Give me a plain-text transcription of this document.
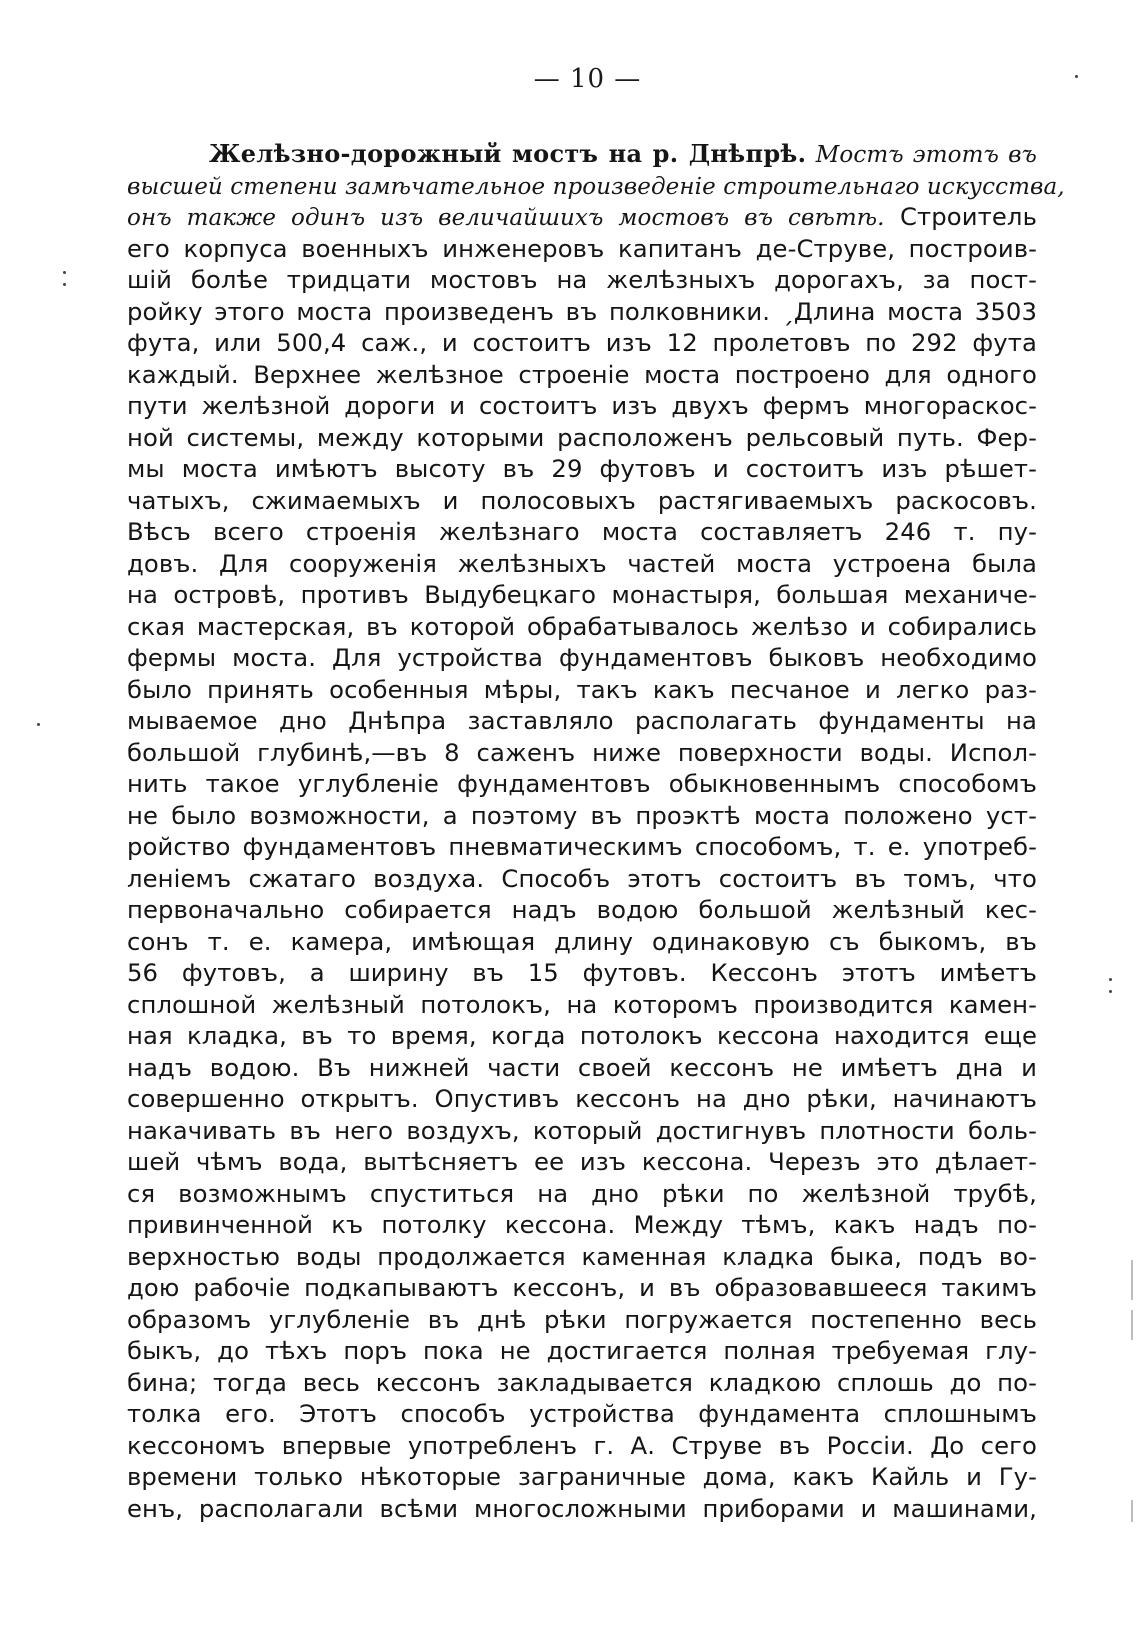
— 10 —
Желѣзно-дорожный мостъ на р. Днѣпрѣ. Мостъ этотъ въ
высшей степени замѣчательное произведеніе строительнаго искусства,
онъ также одинъ изъ величайшихъ мостовъ въ свѣтѣ. Строитель
его корпуса военныхъ инженеровъ капитанъ де-Струве, построив-
шій болѣе тридцати мостовъ на желѣзныхъ дорогахъ, за пост-
ройку этого моста произведенъ въ полковники. ˏДлина моста 3503
фута, или 500,4 саж., и состоитъ изъ 12 пролетовъ по 292 фута
каждый. Верхнее желѣзное строеніе моста построено для одного
пути желѣзной дороги и состоитъ изъ двухъ фермъ многораскос-
ной системы, между которыми расположенъ рельсовый путь. Фер-
мы моста имѣютъ высоту въ 29 футовъ и состоитъ изъ рѣшет-
чатыхъ, сжимаемыхъ и полосовыхъ растягиваемыхъ раскосовъ.
Вѣсъ всего строенія желѣзнаго моста составляетъ 246 т. пу-
довъ. Для сооруженія желѣзныхъ частей моста устроена была
на островѣ, противъ Выдубецкаго монастыря, большая механиче-
ская мастерская, въ которой обрабатывалось желѣзо и собирались
фермы моста. Для устройства фундаментовъ быковъ необходимо
было принять особенныя мѣры, такъ какъ песчаное и легко раз-
мываемое дно Днѣпра заставляло располагать фундаменты на
большой глубинѣ,—въ 8 саженъ ниже поверхности воды. Испол-
нить такое углубленіе фундаментовъ обыкновеннымъ способомъ
не было возможности, а поэтому въ проэктѣ моста положено уст-
ройство фундаментовъ пневматическимъ способомъ, т. е. употреб-
леніемъ сжатаго воздуха. Способъ этотъ состоитъ въ томъ, что
первоначально собирается надъ водою большой желѣзный кес-
сонъ т. е. камера, имѣющая длину одинаковую съ быкомъ, въ
56 футовъ, а ширину въ 15 футовъ. Кессонъ этотъ имѣетъ
сплошной желѣзный потолокъ, на которомъ производится камен-
ная кладка, въ то время, когда потолокъ кессона находится еще
надъ водою. Въ нижней части своей кессонъ не имѣетъ дна и
совершенно открытъ. Опустивъ кессонъ на дно рѣки, начинаютъ
накачивать въ него воздухъ, который достигнувъ плотности боль-
шей чѣмъ вода, вытѣсняетъ ее изъ кессона. Черезъ это дѣлает-
ся возможнымъ спуститься на дно рѣки по желѣзной трубѣ,
привинченной къ потолку кессона. Между тѣмъ, какъ надъ по-
верхностью воды продолжается каменная кладка быка, подъ во-
дою рабочіе подкапываютъ кессонъ, и въ образовавшееся такимъ
образомъ углубленіе въ днѣ рѣки погружается постепенно весь
быкъ, до тѣхъ поръ пока не достигается полная требуемая глу-
бина; тогда весь кессонъ закладывается кладкою сплошь до по-
толка его. Этотъ способъ устройства фундамента сплошнымъ
кессономъ впервые употребленъ г. А. Струве въ Россіи. До сего
времени только нѣкоторые заграничные дома, какъ Кайль и Гу-
енъ, располагали всѣми многосложными приборами и машинами,
